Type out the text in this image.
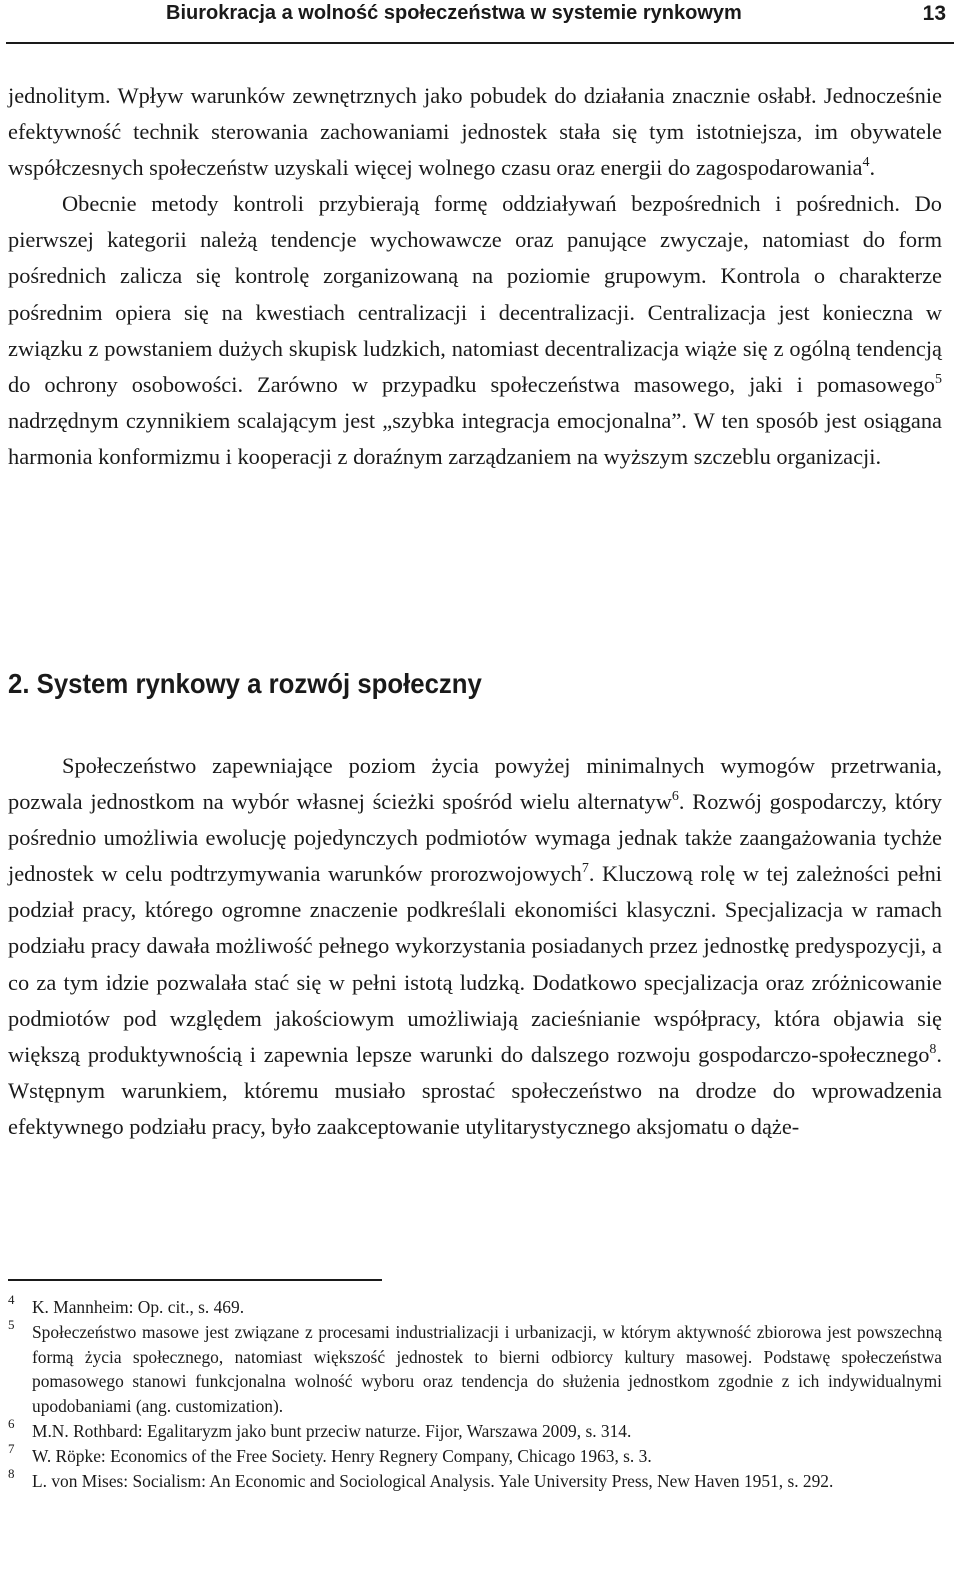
Biurokracja a wolność społeczeństwa w systemie rynkowym	13

jednolitym. Wpływ warunków zewnętrznych jako pobudek do działania znacznie osłabł. Jednocześnie efektywność technik sterowania zachowaniami jednostek stała się tym istotniejsza, im obywatele współczesnych społeczeństw uzyskali więcej wolnego czasu oraz energii do zagospodarowania$^4$.

Obecnie metody kontroli przybierają formę oddziaływań bezpośrednich i pośrednich. Do pierwszej kategorii należą tendencje wychowawcze oraz panujące zwyczaje, natomiast do form pośrednich zalicza się kontrolę zorganizowaną na poziomie grupowym. Kontrola o charakterze pośrednim opiera się na kwestiach centralizacji i decentralizacji. Centralizacja jest konieczna w związku z powstaniem dużych skupisk ludzkich, natomiast decentralizacja wiąże się z ogólną tendencją do ochrony osobowości. Zarówno w przypadku społeczeństwa masowego, jaki i pomasowego$^5$ nadrzędnym czynnikiem scalającym jest „szybka integracja emocjonalna”. W ten sposób jest osiągana harmonia konformizmu i kooperacji z doraźnym zarządzaniem na wyższym szczeblu organizacji.

2. System rynkowy a rozwój społeczny

Społeczeństwo zapewniające poziom życia powyżej minimalnych wymogów przetrwania, pozwala jednostkom na wybór własnej ścieżki spośród wielu alternatyw$^6$. Rozwój gospodarczy, który pośrednio umożliwia ewolucję pojedynczych podmiotów wymaga jednak także zaangażowania tychże jednostek w celu podtrzymywania warunków prorozwojowych$^7$. Kluczową rolę w tej zależności pełni podział pracy, którego ogromne znaczenie podkreślali ekonomiści klasyczni. Specjalizacja w ramach podziału pracy dawała możliwość pełnego wykorzystania posiadanych przez jednostkę predyspozycji, a co za tym idzie pozwalała stać się w pełni istotą ludzką. Dodatkowo specjalizacja oraz zróżnicowanie podmiotów pod względem jakościowym umożliwiają zacieśnianie współpracy, która objawia się większą produktywnością i zapewnia lepsze warunki do dalszego rozwoju gospodarczo-społecznego$^8$. Wstępnym warunkiem, któremu musiało sprostać społeczeństwo na drodze do wprowadzenia efektywnego podziału pracy, było zaakceptowanie utylitarystycznego aksjomatu o dąże-

4 K. Mannheim: Op. cit., s. 469.
5 Społeczeństwo masowe jest związane z procesami industrializacji i urbanizacji, w którym aktywność zbiorowa jest powszechną formą życia społecznego, natomiast większość jednostek to bierni odbiorcy kultury masowej. Podstawę społeczeństwa pomasowego stanowi funkcjonalna wolność wyboru oraz tendencja do służenia jednostkom zgodnie z ich indywidualnymi upodobaniami (ang. customization).
6 M.N. Rothbard: Egalitaryzm jako bunt przeciw naturze. Fijor, Warszawa 2009, s. 314.
7 W. Röpke: Economics of the Free Society. Henry Regnery Company, Chicago 1963, s. 3.
8 L. von Mises: Socialism: An Economic and Sociological Analysis. Yale University Press, New Haven 1951, s. 292.
